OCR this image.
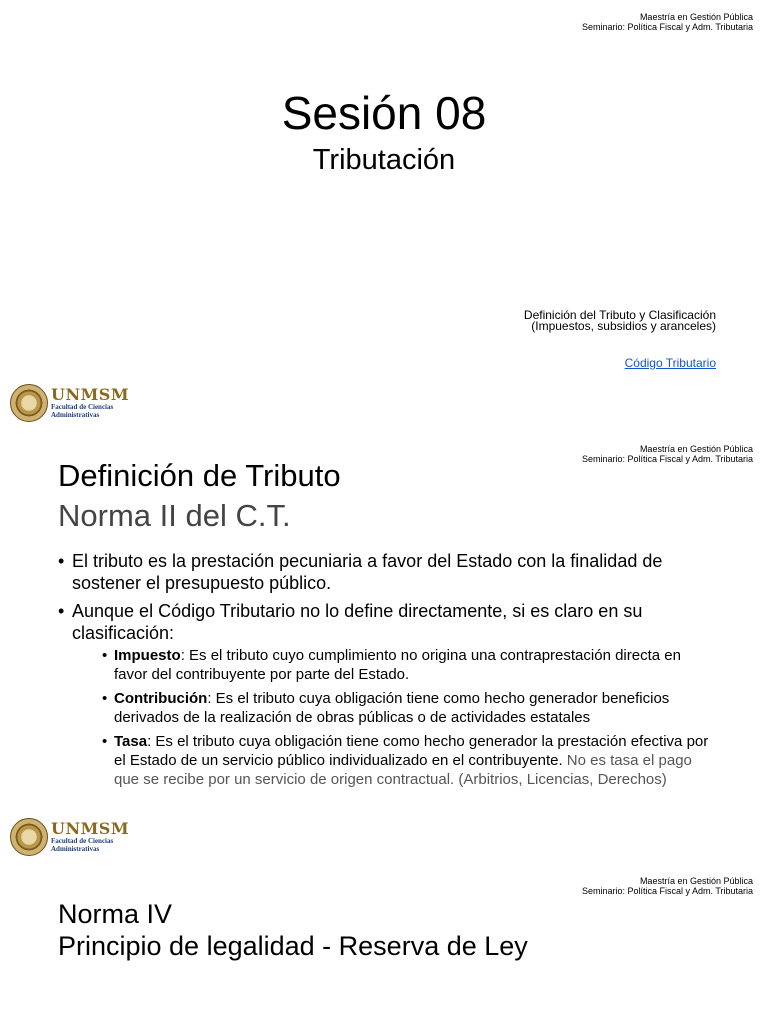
Maestría en Gestión Pública
Seminario: Política Fiscal y Adm. Tributaria
Sesión 08
Tributación
Definición del Tributo y Clasificación
(Impuestos, subsidios y aranceles)
Código Tributario
UNMSM
Facultad de Ciencias
Administrativas
Maestría en Gestión Pública
Seminario: Política Fiscal y Adm. Tributaria
Definición de Tributo
Norma II del C.T.
• El tributo es la prestación pecuniaria a favor del Estado con la finalidad de sostener el presupuesto público.
• Aunque el Código Tributario no lo define directamente, si es claro en su clasificación:
• Impuesto: Es el tributo cuyo cumplimiento no origina una contraprestación directa en favor del contribuyente por parte del Estado.
• Contribución: Es el tributo cuya obligación tiene como hecho generador beneficios derivados de la realización de obras públicas o de actividades estatales
• Tasa: Es el tributo cuya obligación tiene como hecho generador la prestación efectiva por el Estado de un servicio público individualizado en el contribuyente. No es tasa el pago que se recibe por un servicio de origen contractual. (Arbitrios, Licencias, Derechos)
UNMSM
Facultad de Ciencias
Administrativas
Maestría en Gestión Pública
Seminario: Política Fiscal y Adm. Tributaria
Norma IV
Principio de legalidad - Reserva de Ley
